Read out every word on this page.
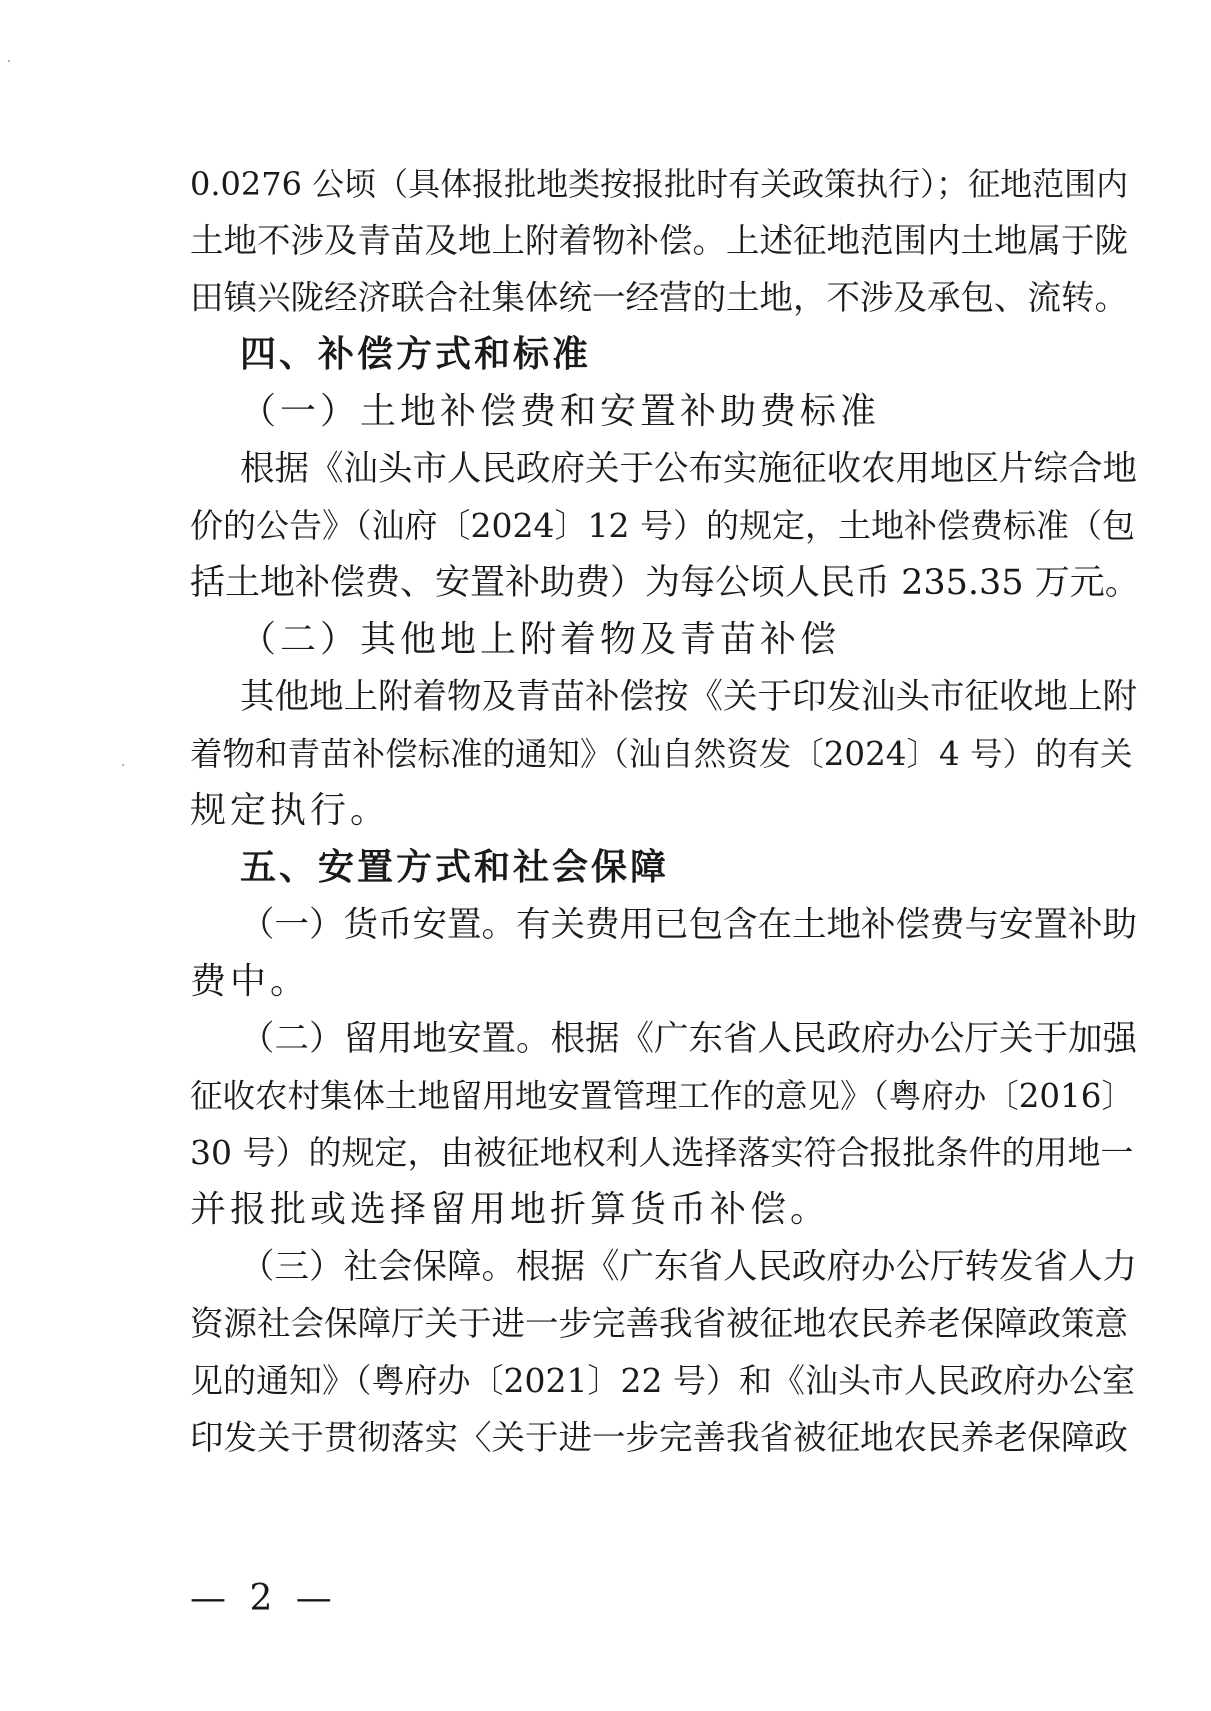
0.0276 公顷（具体报批地类按报批时有关政策执行）；征地范围内
土地不涉及青苗及地上附着物补偿。上述征地范围内土地属于陇
田镇兴陇经济联合社集体统一经营的土地，不涉及承包、流转。
四、补偿方式和标准
（一）土地补偿费和安置补助费标准
根据《汕头市人民政府关于公布实施征收农用地区片综合地
价的公告》（汕府〔2024〕12 号）的规定，土地补偿费标准（包
括土地补偿费、安置补助费）为每公顷人民币 235.35 万元。
（二）其他地上附着物及青苗补偿
其他地上附着物及青苗补偿按《关于印发汕头市征收地上附
着物和青苗补偿标准的通知》（汕自然资发〔2024〕4 号）的有关
规定执行。
五、安置方式和社会保障
（一）货币安置。有关费用已包含在土地补偿费与安置补助
费中。
（二）留用地安置。根据《广东省人民政府办公厅关于加强
征收农村集体土地留用地安置管理工作的意见》（粤府办〔2016〕
30 号）的规定，由被征地权利人选择落实符合报批条件的用地一
并报批或选择留用地折算货币补偿。
（三）社会保障。根据《广东省人民政府办公厅转发省人力
资源社会保障厅关于进一步完善我省被征地农民养老保障政策意
见的通知》（粤府办〔2021〕22 号）和《汕头市人民政府办公室
印发关于贯彻落实〈关于进一步完善我省被征地农民养老保障政
— 2 —
